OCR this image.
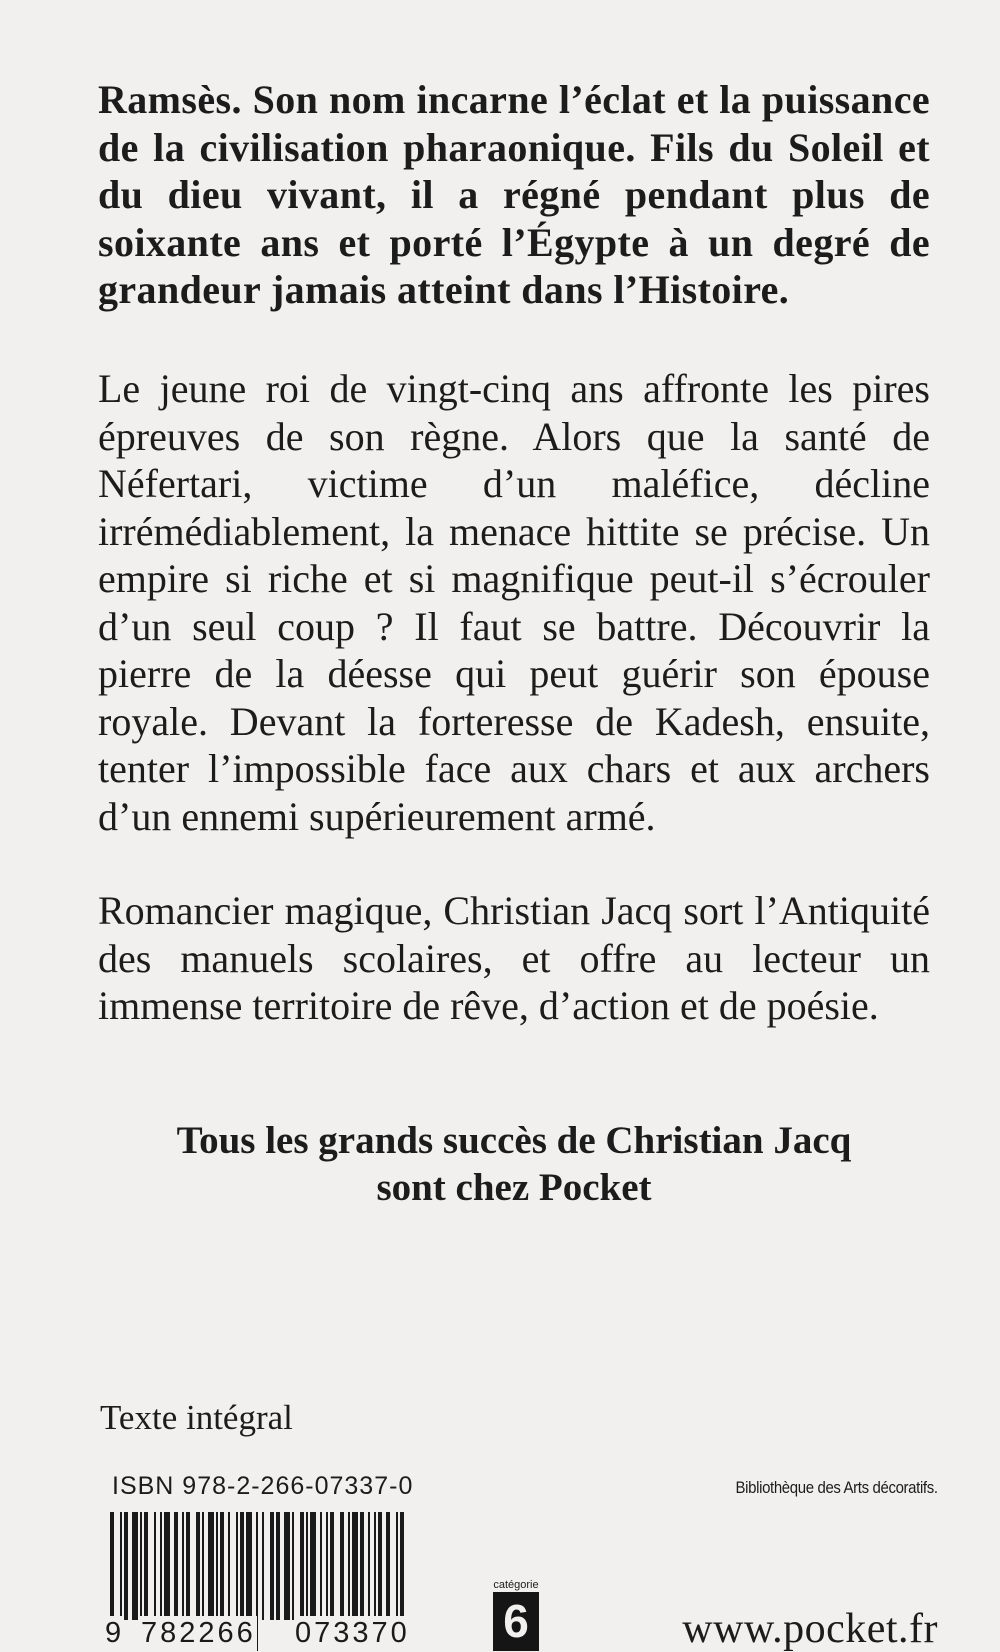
Ramsès. Son nom incarne l’éclat et la puissance de la civilisation pharaonique. Fils du Soleil et du dieu vivant, il a régné pendant plus de soixante ans et porté l’Égypte à un degré de grandeur jamais atteint dans l’Histoire.

Le jeune roi de vingt-cinq ans affronte les pires épreuves de son règne. Alors que la santé de Néfertari, victime d’un maléfice, décline irrémédiablement, la menace hittite se précise. Un empire si riche et si magnifique peut-il s’écrouler d’un seul coup ? Il faut se battre. Découvrir la pierre de la déesse qui peut guérir son épouse royale. Devant la forteresse de Kadesh, ensuite, tenter l’impossible face aux chars et aux archers d’un ennemi supérieurement armé.

Romancier magique, Christian Jacq sort l’Antiquité des manuels scolaires, et offre au lecteur un immense territoire de rêve, d’action et de poésie.

Tous les grands succès de Christian Jacq
sont chez Pocket
Texte intégral
ISBN 978-2-266-07337-0	Bibliothèque des Arts décoratifs.
9 782266 073370
catégorie
6	www.pocket.fr
